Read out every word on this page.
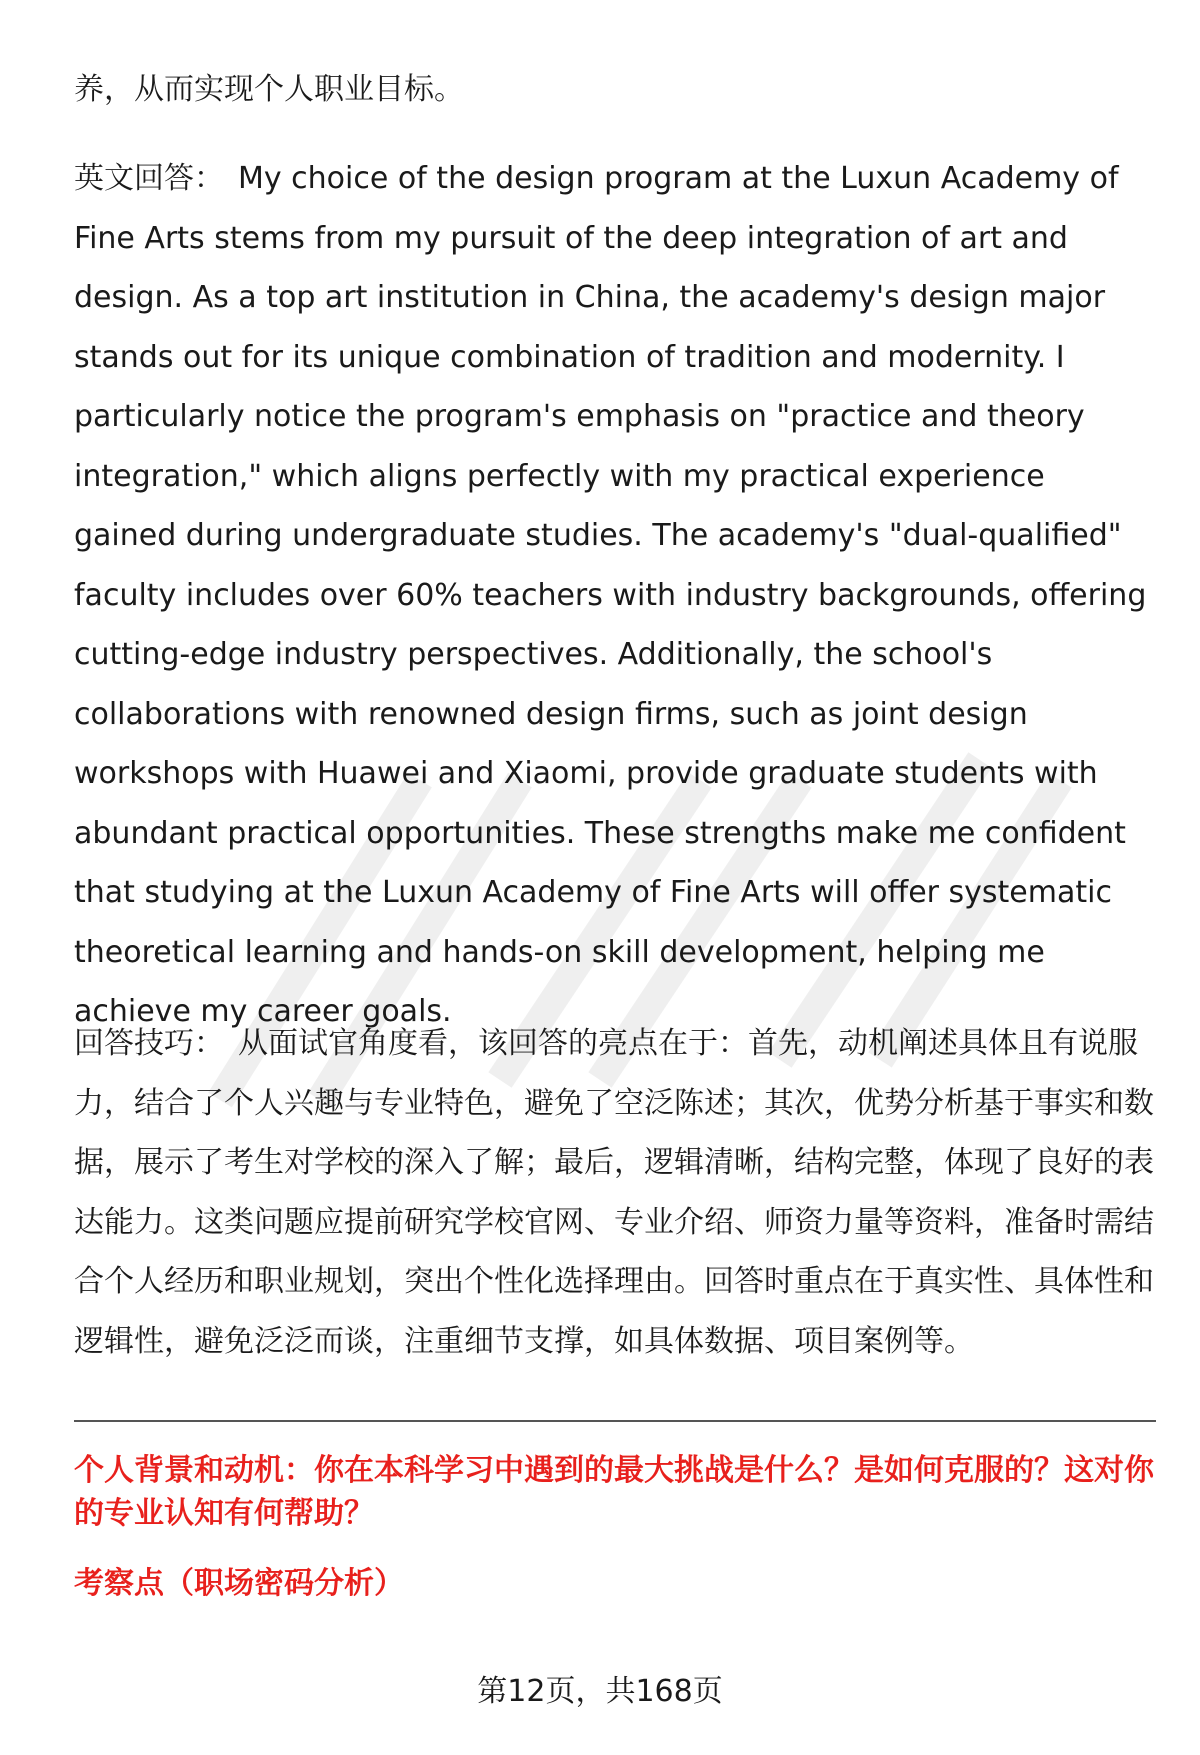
养，从而实现个人职业目标。

英文回答： My choice of the design program at the Luxun Academy of Fine Arts stems from my pursuit of the deep integration of art and design. As a top art institution in China, the academy's design major stands out for its unique combination of tradition and modernity. I particularly notice the program's emphasis on "practice and theory integration," which aligns perfectly with my practical experience gained during undergraduate studies. The academy's "dual-qualified" faculty includes over 60% teachers with industry backgrounds, offering cutting-edge industry perspectives. Additionally, the school's collaborations with renowned design firms, such as joint design workshops with Huawei and Xiaomi, provide graduate students with abundant practical opportunities. These strengths make me confident that studying at the Luxun Academy of Fine Arts will offer systematic theoretical learning and hands-on skill development, helping me achieve my career goals.

回答技巧： 从面试官角度看，该回答的亮点在于：首先，动机阐述具体且有说服力，结合了个人兴趣与专业特色，避免了空泛陈述；其次，优势分析基于事实和数据，展示了考生对学校的深入了解；最后，逻辑清晰，结构完整，体现了良好的表达能力。这类问题应提前研究学校官网、专业介绍、师资力量等资料，准备时需结合个人经历和职业规划，突出个性化选择理由。回答时重点在于真实性、具体性和逻辑性，避免泛泛而谈，注重细节支撑，如具体数据、项目案例等。

个人背景和动机：你在本科学习中遇到的最大挑战是什么？是如何克服的？这对你的专业认知有何帮助？

考察点（职场密码分析）

第12页，共168页
